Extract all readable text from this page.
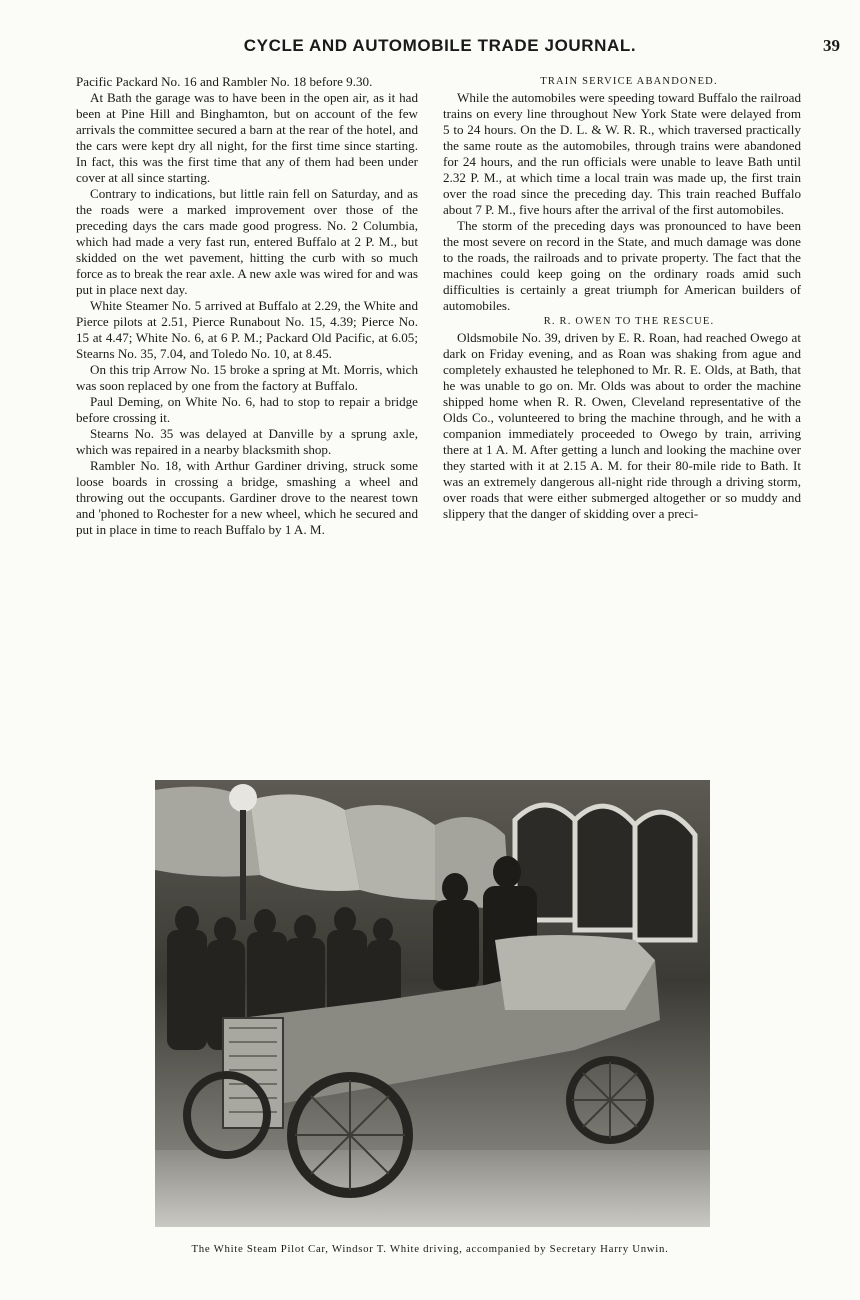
CYCLE AND AUTOMOBILE TRADE JOURNAL.	39

Pacific Packard No. 16 and Rambler No. 18 before 9.30.

At Bath the garage was to have been in the open air, as it had been at Pine Hill and Binghamton, but on account of the few arrivals the committee secured a barn at the rear of the hotel, and the cars were kept dry all night, for the first time since starting. In fact, this was the first time that any of them had been under cover at all since starting.

Contrary to indications, but little rain fell on Saturday, and as the roads were a marked improvement over those of the preceding days the cars made good progress. No. 2 Columbia, which had made a very fast run, entered Buffalo at 2 P. M., but skidded on the wet pavement, hitting the curb with so much force as to break the rear axle. A new axle was wired for and was put in place next day.

White Steamer No. 5 arrived at Buffalo at 2.29, the White and Pierce pilots at 2.51, Pierce Runabout No. 15, 4.39; Pierce No. 15 at 4.47; White No. 6, at 6 P. M.; Packard Old Pacific, at 6.05; Stearns No. 35, 7.04, and Toledo No. 10, at 8.45.

On this trip Arrow No. 15 broke a spring at Mt. Morris, which was soon replaced by one from the factory at Buffalo.

Paul Deming, on White No. 6, had to stop to repair a bridge before crossing it.

Stearns No. 35 was delayed at Danville by a sprung axle, which was repaired in a nearby blacksmith shop.

Rambler No. 18, with Arthur Gardiner driving, struck some loose boards in crossing a bridge, smashing a wheel and throwing out the occupants. Gardiner drove to the nearest town and 'phoned to Rochester for a new wheel, which he secured and put in place in time to reach Buffalo by 1 A. M.

TRAIN SERVICE ABANDONED.

While the automobiles were speeding toward Buffalo the railroad trains on every line throughout New York State were delayed from 5 to 24 hours. On the D. L. & W. R. R., which traversed practically the same route as the automobiles, through trains were abandoned for 24 hours, and the run officials were unable to leave Bath until 2.32 P. M., at which time a local train was made up, the first train over the road since the preceding day. This train reached Buffalo about 7 P. M., five hours after the arrival of the first automobiles.

The storm of the preceding days was pronounced to have been the most severe on record in the State, and much damage was done to the roads, the railroads and to private property. The fact that the machines could keep going on the ordinary roads amid such difficulties is certainly a great triumph for American builders of automobiles.

R. R. OWEN TO THE RESCUE.

Oldsmobile No. 39, driven by E. R. Roan, had reached Owego at dark on Friday evening, and as Roan was shaking from ague and completely exhausted he telephoned to Mr. R. E. Olds, at Bath, that he was unable to go on. Mr. Olds was about to order the machine shipped home when R. R. Owen, Cleveland representative of the Olds Co., volunteered to bring the machine through, and he with a companion immediately proceeded to Owego by train, arriving there at 1 A. M. After getting a lunch and looking the machine over they started with it at 2.15 A. M. for their 80-mile ride to Bath. It was an extremely dangerous all-night ride through a driving storm, over roads that were either submerged altogether or so muddy and slippery that the danger of skidding over a preci-

The White Steam Pilot Car, Windsor T. White driving, accompanied by Secretary Harry Unwin.
